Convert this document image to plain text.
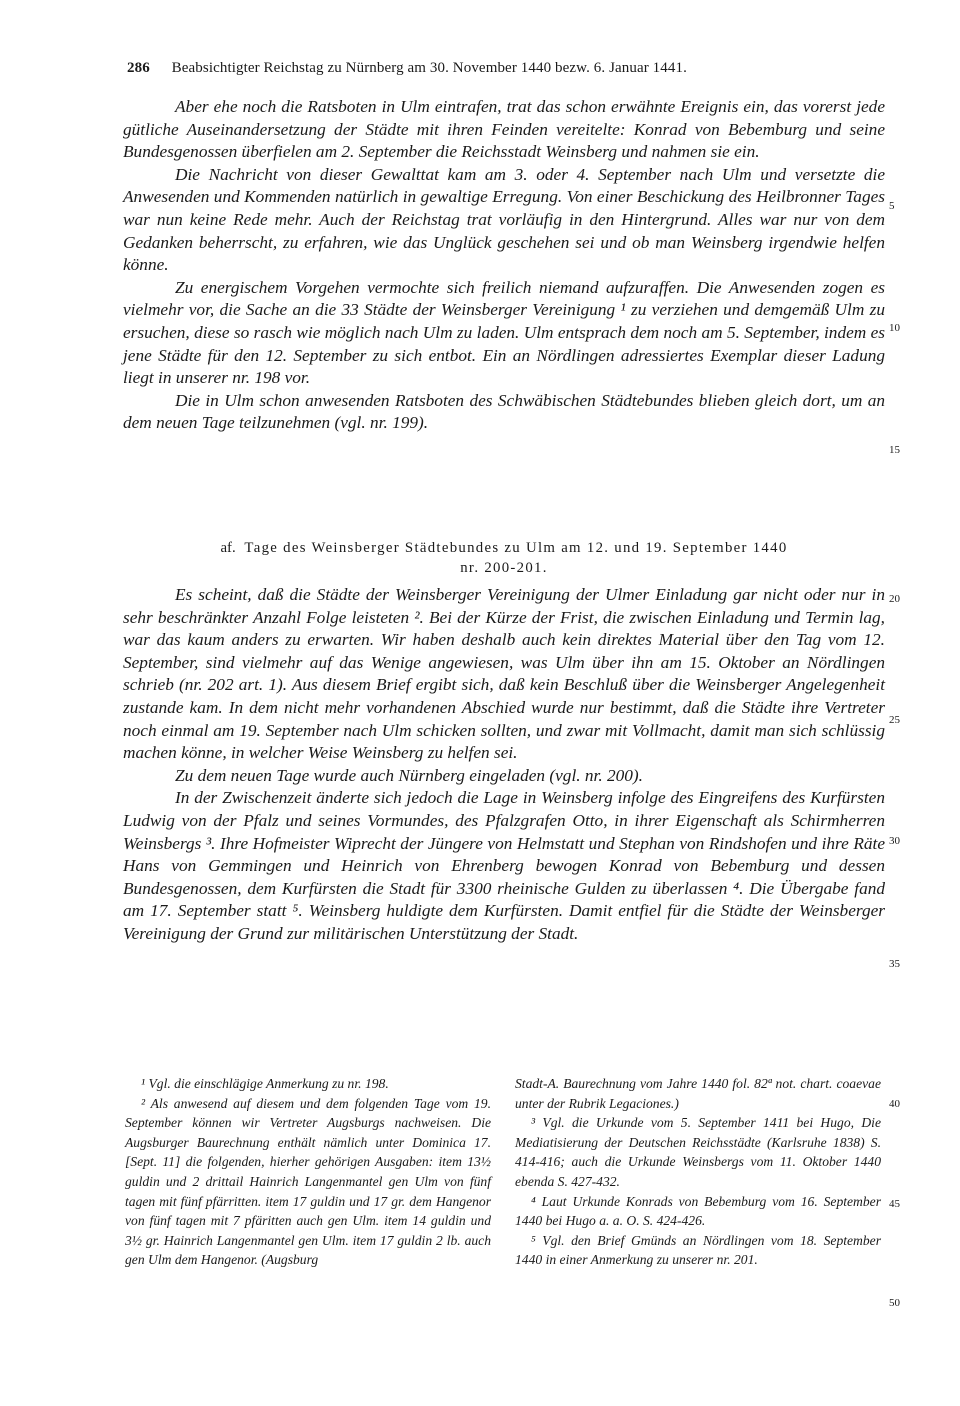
286 Beabsichtigter Reichstag zu Nürnberg am 30. November 1440 bezw. 6. Januar 1441.

Aber ehe noch die Ratsboten in Ulm eintrafen, trat das schon erwähnte Ereignis ein, das vorerst jede gütliche Auseinandersetzung der Städte mit ihren Feinden vereitelte: Konrad von Bebemburg und seine Bundesgenossen überfielen am 2. September die Reichsstadt Weinsberg und nahmen sie ein.

Die Nachricht von dieser Gewalttat kam am 3. oder 4. September nach Ulm und versetzte die Anwesenden und Kommenden natürlich in gewaltige Erregung. Von einer Beschickung des Heilbronner Tages war nun keine Rede mehr. Auch der Reichstag trat vorläufig in den Hintergrund. Alles war nur von dem Gedanken beherrscht, zu erfahren, wie das Unglück geschehen sei und ob man Weinsberg irgendwie helfen könne.

Zu energischem Vorgehen vermochte sich freilich niemand aufzuraffen. Die Anwesenden zogen es vielmehr vor, die Sache an die 33 Städte der Weinsberger Vereinigung ¹ zu verziehen und demgemäß Ulm zu ersuchen, diese so rasch wie möglich nach Ulm zu laden. Ulm entsprach dem noch am 5. September, indem es jene Städte für den 12. September zu sich entbot. Ein an Nördlingen adressiertes Exemplar dieser Ladung liegt in unserer nr. 198 vor.

Die in Ulm schon anwesenden Ratsboten des Schwäbischen Städtebundes blieben gleich dort, um an dem neuen Tage teilzunehmen (vgl. nr. 199).

af. Tage des Weinsberger Städtebundes zu Ulm am 12. und 19. September 1440
nr. 200-201.

Es scheint, daß die Städte der Weinsberger Vereinigung der Ulmer Einladung gar nicht oder nur in sehr beschränkter Anzahl Folge leisteten ². Bei der Kürze der Frist, die zwischen Einladung und Termin lag, war das kaum anders zu erwarten. Wir haben deshalb auch kein direktes Material über den Tag vom 12. September, sind vielmehr auf das Wenige angewiesen, was Ulm über ihn am 15. Oktober an Nördlingen schrieb (nr. 202 art. 1). Aus diesem Brief ergibt sich, daß kein Beschluß über die Weinsberger Angelegenheit zustande kam. In dem nicht mehr vorhandenen Abschied wurde nur bestimmt, daß die Städte ihre Vertreter noch einmal am 19. September nach Ulm schicken sollten, und zwar mit Vollmacht, damit man sich schlüssig machen könne, in welcher Weise Weinsberg zu helfen sei.

Zu dem neuen Tage wurde auch Nürnberg eingeladen (vgl. nr. 200).

In der Zwischenzeit änderte sich jedoch die Lage in Weinsberg infolge des Eingreifens des Kurfürsten Ludwig von der Pfalz und seines Vormundes, des Pfalzgrafen Otto, in ihrer Eigenschaft als Schirmherren Weinsbergs ³. Ihre Hofmeister Wiprecht der Jüngere von Helmstatt und Stephan von Rindshofen und ihre Räte Hans von Gemmingen und Heinrich von Ehrenberg bewogen Konrad von Bebemburg und dessen Bundesgenossen, dem Kurfürsten die Stadt für 3300 rheinische Gulden zu überlassen ⁴. Die Übergabe fand am 17. September statt ⁵. Weinsberg huldigte dem Kurfürsten. Damit entfiel für die Städte der Weinsberger Vereinigung der Grund zur militärischen Unterstützung der Stadt.

5
10
15
20
25
30
35
40
45
50

¹ Vgl. die einschlägige Anmerkung zu nr. 198.

² Als anwesend auf diesem und dem folgenden Tage vom 19. September können wir Vertreter Augsburgs nachweisen. Die Augsburger Baurechnung enthält nämlich unter Dominica 17. [Sept. 11] die folgenden, hierher gehörigen Ausgaben: item 13½ guldin und 2 drittail Hainrich Langenmantel gen Ulm von fünf tagen mit fünf pfärritten. item 17 guldin und 17 gr. dem Hangenor von fünf tagen mit 7 pfäritten auch gen Ulm. item 14 guldin und 3½ gr. Hainrich Langenmantel gen Ulm. item 17 guldin 2 lb. auch gen Ulm dem Hangenor. (Augsburg

Stadt-A. Baurechnung vom Jahre 1440 fol. 82ª not. chart. coaevae unter der Rubrik Legaciones.)

³ Vgl. die Urkunde vom 5. September 1411 bei Hugo, Die Mediatisierung der Deutschen Reichsstädte (Karlsruhe 1838) S. 414-416; auch die Urkunde Weinsbergs vom 11. Oktober 1440 ebenda S. 427-432.

⁴ Laut Urkunde Konrads von Bebemburg vom 16. September 1440 bei Hugo a. a. O. S. 424-426.

⁵ Vgl. den Brief Gmünds an Nördlingen vom 18. September 1440 in einer Anmerkung zu unserer nr. 201.
